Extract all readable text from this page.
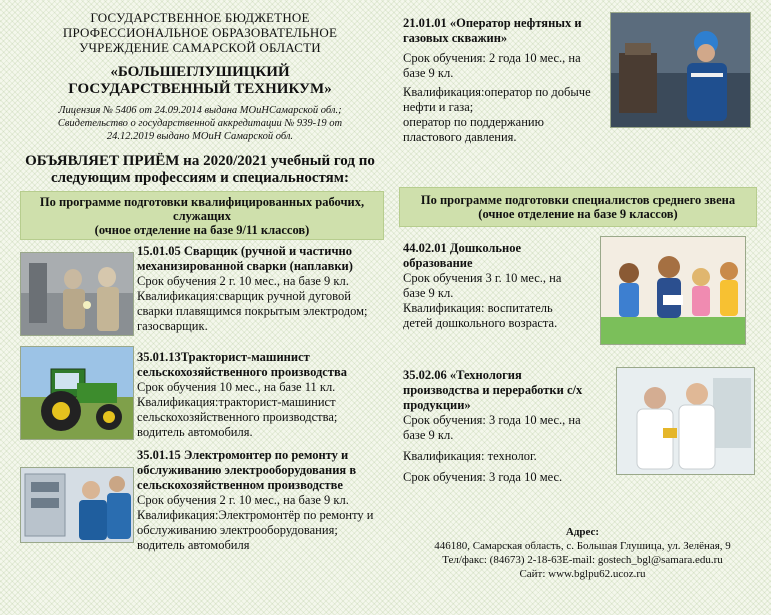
ГОСУДАРСТВЕННОЕ БЮДЖЕТНОЕ
ПРОФЕССИОНАЛЬНОЕ ОБРАЗОВАТЕЛЬНОЕ
УЧРЕЖДЕНИЕ САМАРСКОЙ ОБЛАСТИ
«БОЛЬШЕГЛУШИЦКИЙ
ГОСУДАРСТВЕННЫЙ ТЕХНИКУМ»
Лицензия № 5406 от 24.09.2014 выдана МОиНСамарской обл.;
Свидетельство о государственной аккредитации № 939-19 от
24.12.2019 выдано МОиН Самарской обл.
ОБЪЯВЛЯЕТ ПРИЁМ на 2020/2021 учебный год по
следующим профессиям и специальностям:
По программе подготовки квалифицированных рабочих,
служащих
(очное отделение на базе 9/11 классов)
По программе подготовки специалистов среднего звена
(очное отделение на базе 9 классов)
15.01.05 Сварщик (ручной и частично механизированной сварки (наплавки)
Срок обучения 2 г. 10 мес., на базе 9 кл.
Квалификация:сварщик ручной дуговой сварки плавящимся покрытым электродом; газосварщик.
35.01.13Тракторист-машинист сельскохозяйственного производства
Срок обучения 10 мес., на базе 11 кл.
Квалификация:тракторист-машинист сельскохозяйственного производства; водитель автомобиля.
35.01.15 Электромонтер по ремонту и обслуживанию электрооборудования в сельскохозяйственном производстве
Срок обучения 2 г. 10 мес., на базе 9 кл.
Квалификация:Электромонтёр по ремонту и обслуживанию электрооборудования; водитель автомобиля
21.01.01 «Оператор нефтяных и газовых скважин»
Срок обучения: 2 года 10 мес., на базе 9 кл.
Квалификация:оператор по добыче нефти и газа;
оператор по поддержанию пластового давления.
44.02.01 Дошкольное образование
Срок обучения 3 г. 10 мес., на базе 9 кл.
Квалификация: воспитатель детей дошкольного возраста.
35.02.06 «Технология производства и переработки с/х продукции»
Срок обучения: 3 года 10 мес., на базе 9 кл.
Квалификация: технолог.
Срок обучения: 3 года 10 мес.
Адрес:
446180, Самарская область, с. Большая Глушица, ул. Зелёная, 9
Тел/факс: (84673) 2-18-63E-mail: gostech_bgl@samara.edu.ru
Сайт: www.bglpu62.ucoz.ru
